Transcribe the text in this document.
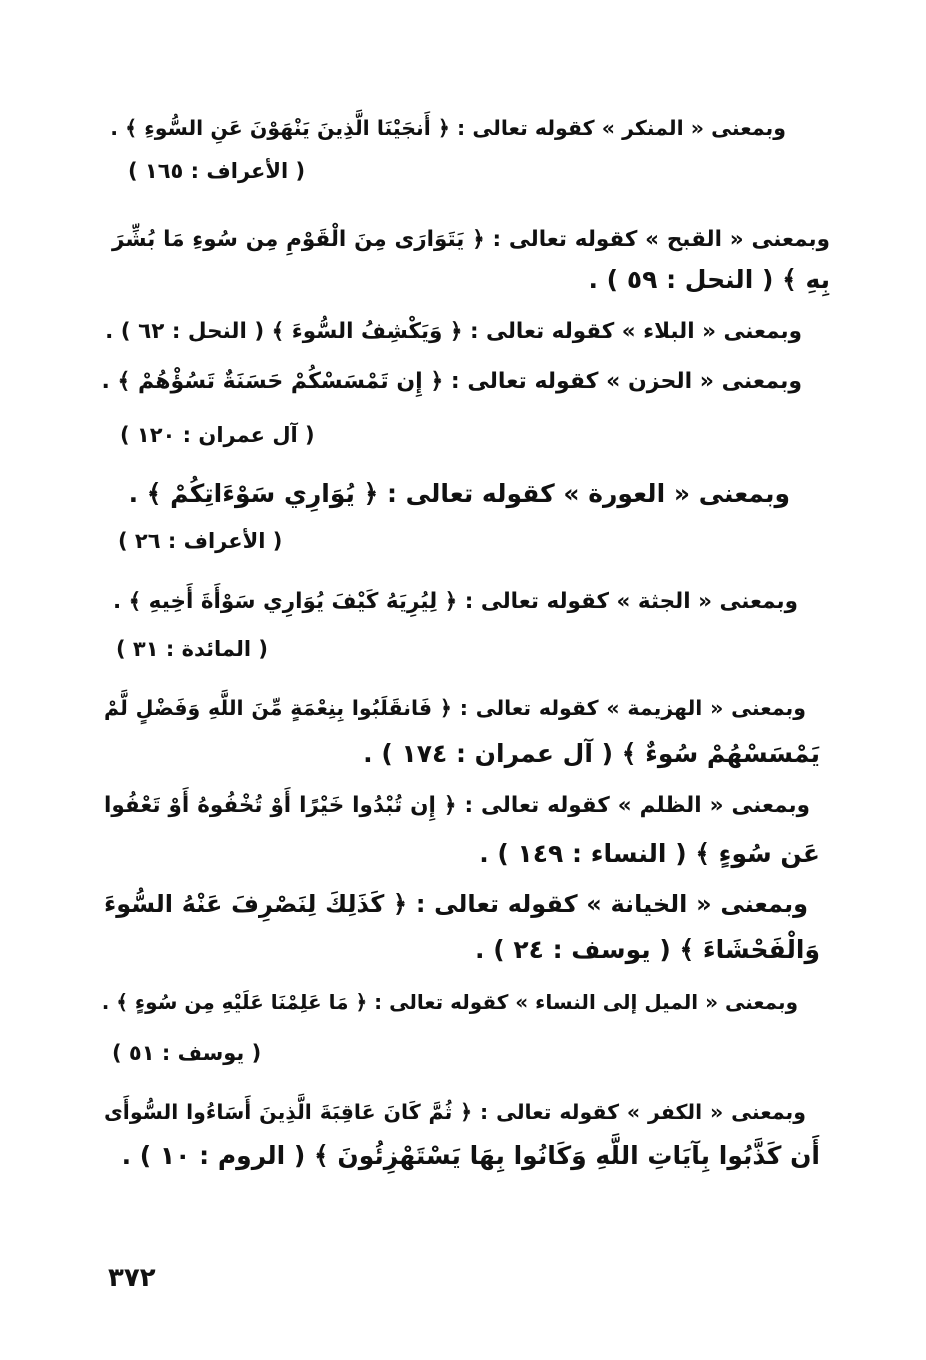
وبمعنى « المنكر » كقوله تعالى : ﴿ أَنجَيْنَا الَّذِينَ يَنْهَوْنَ عَنِ السُّوءِ ﴾ .
( الأعراف : ١٦٥ )
وبمعنى « القبح » كقوله تعالى : ﴿ يَتَوَارَى مِنَ الْقَوْمِ مِن سُوءِ مَا بُشِّرَ
بِهِ ﴾ ( النحل : ٥٩ ) .
وبمعنى « البلاء » كقوله تعالى : ﴿ وَيَكْشِفُ السُّوءَ ﴾ ( النحل : ٦٢ ) .
وبمعنى « الحزن » كقوله تعالى : ﴿ إِن تَمْسَسْكُمْ حَسَنَةٌ تَسُؤْهُمْ ﴾ .
( آل عمران : ١٢٠ )
وبمعنى « العورة » كقوله تعالى : ﴿ يُوَارِي سَوْءَاتِكُمْ ﴾ .
( الأعراف : ٢٦ )
وبمعنى « الجثة » كقوله تعالى : ﴿ لِيُرِيَهُ كَيْفَ يُوَارِي سَوْأَةَ أَخِيهِ ﴾ .
( المائدة : ٣١ )
وبمعنى « الهزيمة » كقوله تعالى : ﴿ فَانقَلَبُوا بِنِعْمَةٍ مِّنَ اللَّهِ وَفَضْلٍ لَّمْ
يَمْسَسْهُمْ سُوءٌ ﴾ ( آل عمران : ١٧٤ ) .
وبمعنى « الظلم » كقوله تعالى : ﴿ إِن تُبْدُوا خَيْرًا أَوْ تُخْفُوهُ أَوْ تَعْفُوا
عَن سُوءٍ ﴾ ( النساء : ١٤٩ ) .
وبمعنى « الخيانة » كقوله تعالى : ﴿ كَذَلِكَ لِنَصْرِفَ عَنْهُ السُّوءَ
وَالْفَحْشَاءَ ﴾ ( يوسف : ٢٤ ) .
وبمعنى « الميل إلى النساء » كقوله تعالى : ﴿ مَا عَلِمْنَا عَلَيْهِ مِن سُوءٍ ﴾ .
( يوسف : ٥١ )
وبمعنى « الكفر » كقوله تعالى : ﴿ ثُمَّ كَانَ عَاقِبَةَ الَّذِينَ أَسَاءُوا السُّوأَى
أَن كَذَّبُوا بِآيَاتِ اللَّهِ وَكَانُوا بِهَا يَسْتَهْزِئُونَ ﴾ ( الروم : ١٠ ) .
٣٧٢
